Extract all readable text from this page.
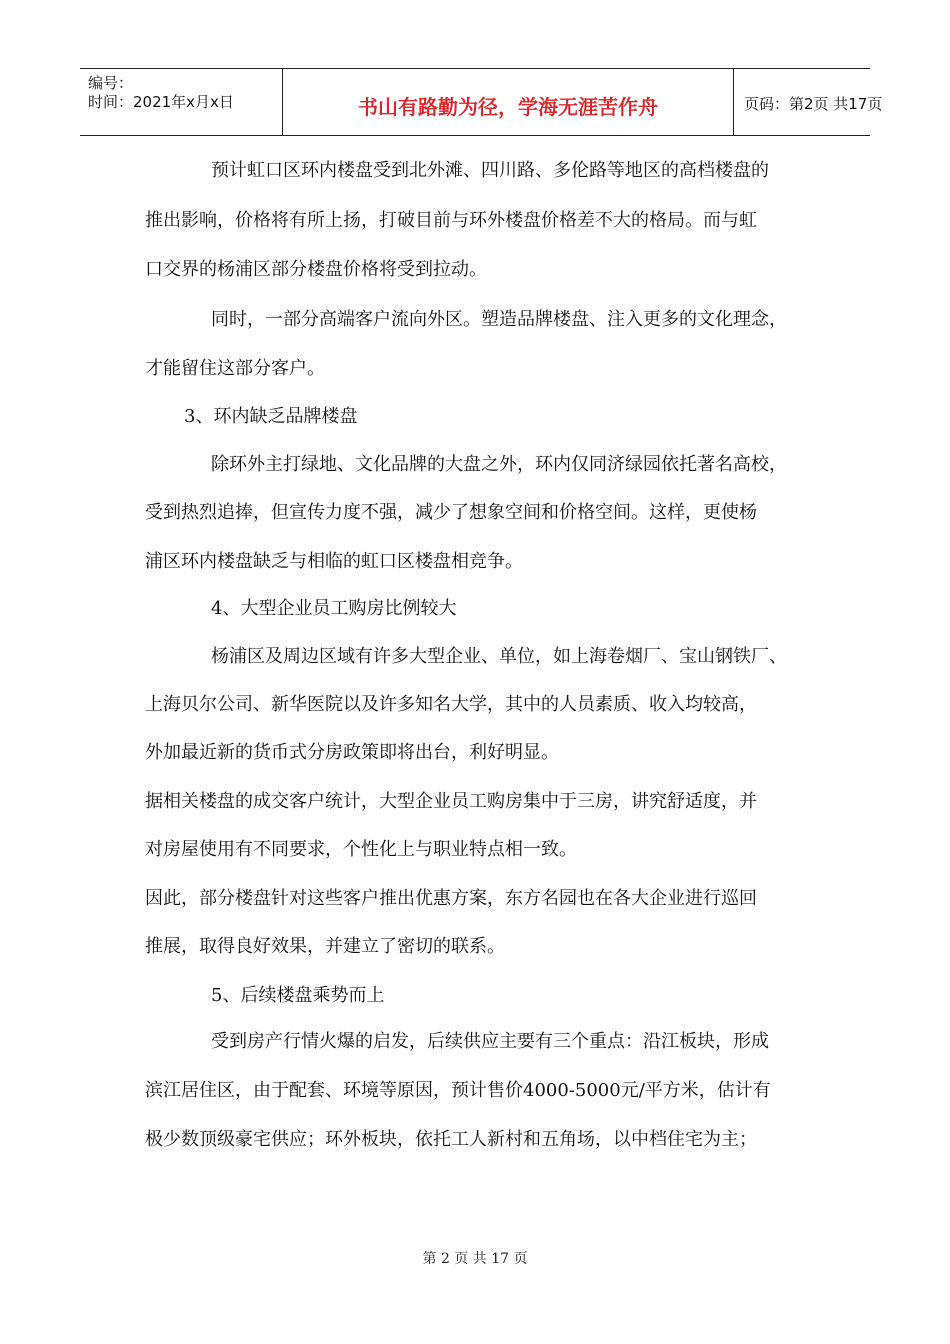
编号：
时间：2021年x月x日	书山有路勤为径，学海无涯苦作舟	页码：第2页 共17页
预计虹口区环内楼盘受到北外滩、四川路、多伦路等地区的高档楼盘的
推出影响，价格将有所上扬，打破目前与环外楼盘价格差不大的格局。而与虹
口交界的杨浦区部分楼盘价格将受到拉动。
同时，一部分高端客户流向外区。塑造品牌楼盘、注入更多的文化理念，
才能留住这部分客户。
3、环内缺乏品牌楼盘
除环外主打绿地、文化品牌的大盘之外，环内仅同济绿园依托著名高校，
受到热烈追捧，但宣传力度不强，减少了想象空间和价格空间。这样，更使杨
浦区环内楼盘缺乏与相临的虹口区楼盘相竞争。
4、大型企业员工购房比例较大
杨浦区及周边区域有许多大型企业、单位，如上海卷烟厂、宝山钢铁厂、
上海贝尔公司、新华医院以及许多知名大学，其中的人员素质、收入均较高，
外加最近新的货币式分房政策即将出台，利好明显。
据相关楼盘的成交客户统计，大型企业员工购房集中于三房，讲究舒适度，并
对房屋使用有不同要求，个性化上与职业特点相一致。
因此，部分楼盘针对这些客户推出优惠方案，东方名园也在各大企业进行巡回
推展，取得良好效果，并建立了密切的联系。
5、后续楼盘乘势而上
受到房产行情火爆的启发，后续供应主要有三个重点：沿江板块，形成
滨江居住区，由于配套、环境等原因，预计售价4000-5000元/平方米，估计有
极少数顶级豪宅供应；环外板块，依托工人新村和五角场，以中档住宅为主；
第 2 页 共 17 页
